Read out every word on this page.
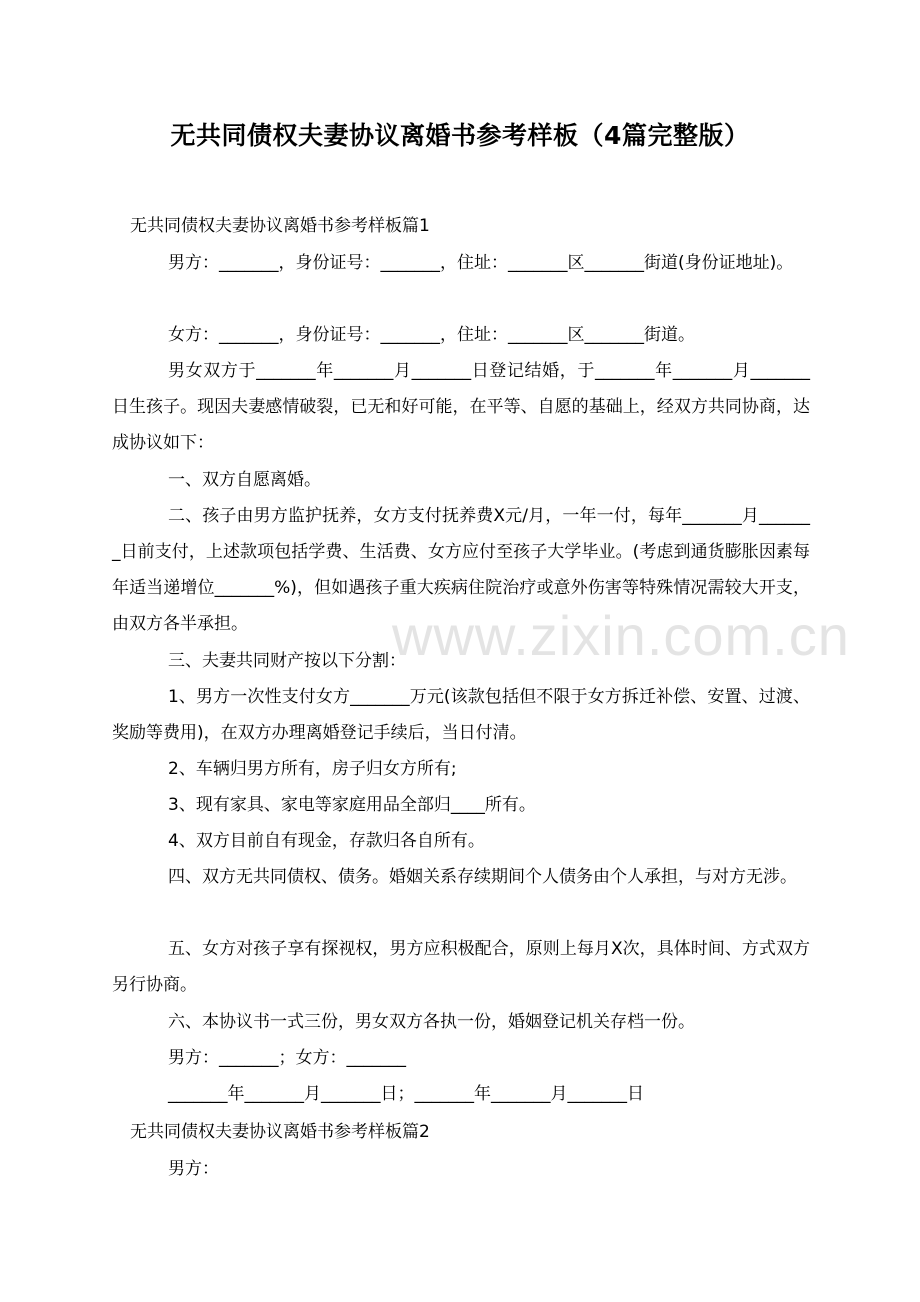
无共同债权夫妻协议离婚书参考样板（4篇完整版）
无共同债权夫妻协议离婚书参考样板篇1
男方：_______，身份证号：_______，住址：_______区_______街道(身份证地址)。
女方：_______，身份证号：_______，住址：_______区_______街道。
男女双方于_______年_______月_______日登记结婚，于_______年_______月_______日生孩子。现因夫妻感情破裂，已无和好可能，在平等、自愿的基础上，经双方共同协商，达成协议如下：
一、双方自愿离婚。
二、孩子由男方监护抚养，女方支付抚养费X元/月，一年一付，每年_______月_______日前支付，上述款项包括学费、生活费、女方应付至孩子大学毕业。(考虑到通货膨胀因素每年适当递增位_______%)，但如遇孩子重大疾病住院治疗或意外伤害等特殊情况需较大开支，由双方各半承担。
三、夫妻共同财产按以下分割：
1、男方一次性支付女方_______万元(该款包括但不限于女方拆迁补偿、安置、过渡、奖励等费用)，在双方办理离婚登记手续后，当日付清。
2、车辆归男方所有，房子归女方所有;
3、现有家具、家电等家庭用品全部归____所有。
4、双方目前自有现金，存款归各自所有。
四、双方无共同债权、债务。婚姻关系存续期间个人债务由个人承担，与对方无涉。
五、女方对孩子享有探视权，男方应积极配合，原则上每月X次，具体时间、方式双方另行协商。
六、本协议书一式三份，男女双方各执一份，婚姻登记机关存档一份。
男方：_______；女方：_______
_______年_______月_______日；_______年_______月_______日
无共同债权夫妻协议离婚书参考样板篇2
男方：
www.zixin.com.cn
